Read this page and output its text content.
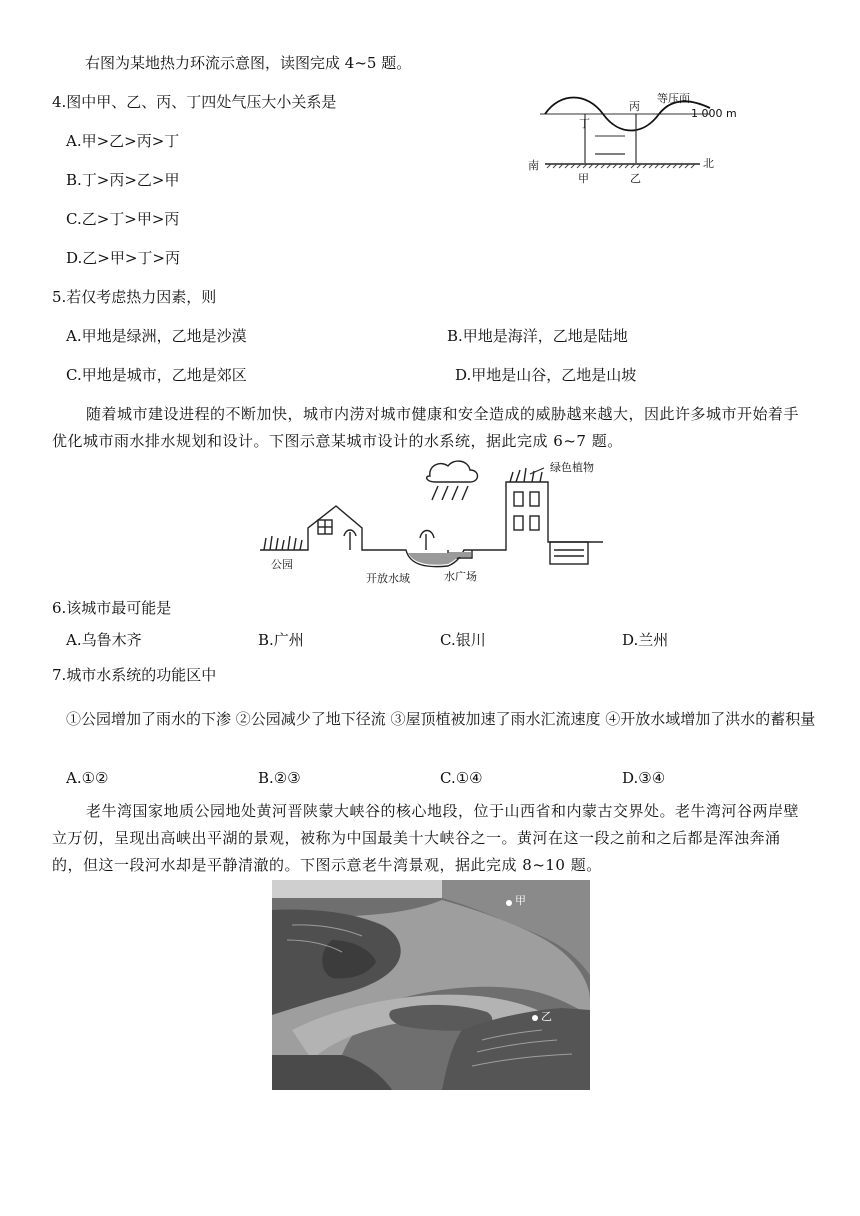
右图为某地热力环流示意图，读图完成 4~5 题。
4.图中甲、乙、丙、丁四处气压大小关系是
A.甲>乙>丙>丁
B.丁>丙>乙>甲
C.乙>丁>甲>丙
D.乙>甲>丁>丙
等压面
1 000 m
南	北
甲	乙
丙
丁
5.若仅考虑热力因素，则
A.甲地是绿洲，乙地是沙漠	B.甲地是海洋，乙地是陆地
C.甲地是城市，乙地是郊区	D.甲地是山谷，乙地是山坡
随着城市建设进程的不断加快，城市内涝对城市健康和安全造成的威胁越来越大，因此许多城市开始着手优化城市雨水排水规划和设计。下图示意某城市设计的水系统，据此完成 6~7 题。
绿色植物
公园
开放水域	水广场
6.该城市最可能是
A.乌鲁木齐	B.广州	C.银川	D.兰州
7.城市水系统的功能区中
①公园增加了雨水的下渗 ②公园减少了地下径流 ③屋顶植被加速了雨水汇流速度 ④开放水域增加了洪水的蓄积量
A.①②	B.②③	C.①④	D.③④
老牛湾国家地质公园地处黄河晋陕蒙大峡谷的核心地段，位于山西省和内蒙古交界处。老牛湾河谷两岸壁立万仞，呈现出高峡出平湖的景观，被称为中国最美十大峡谷之一。黄河在这一段之前和之后都是浑浊奔涌的，但这一段河水却是平静清澈的。下图示意老牛湾景观，据此完成 8~10 题。
甲
乙
